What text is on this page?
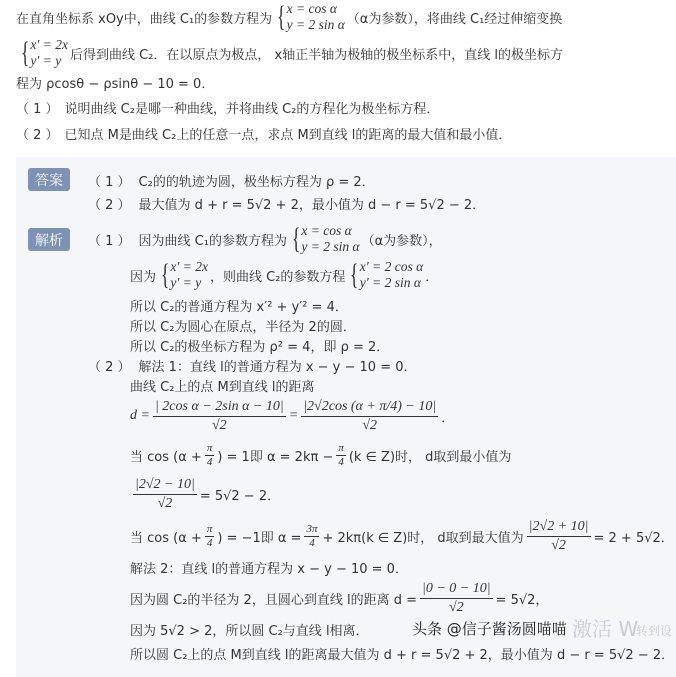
在直角坐标系 xOy中，曲线 C₁的参数方程为 { x = cos α
y = 2 sin α （α为参数），将曲线 C₁经过伸缩变换
{ x′ = 2x
y′ = y 后得到曲线 C₂．在以原点为极点， x轴正半轴为极轴的极坐标系中，直线 l的极坐标方
程为 ρcosθ − ρsinθ − 10 = 0．
（ 1 ） 说明曲线 C₂是哪一种曲线，并将曲线 C₂的方程化为极坐标方程．
（ 2 ） 已知点 M是曲线 C₂上的任意一点，求点 M到直线 l的距离的最大值和最小值．
答案	（ 1 ） C₂的的轨迹为圆，极坐标方程为 ρ = 2．
（ 2 ） 最大值为 d + r = 5√2 + 2，最小值为 d − r = 5√2 − 2．
解析	（ 1 ） 因为曲线 C₁的参数方程为 { x = cos α
y = 2 sin α （α为参数），
因为 { x′ = 2x
y′ = y ，则曲线 C₂的参数方程 { x′ = 2 cos α
y′ = 2 sin α ．
所以 C₂的普通方程为 x′² + y′² = 4．
所以 C₂为圆心在原点，半径为 2的圆．
所以 C₂的极坐标方程为 ρ² = 4，即 ρ = 2．
（ 2 ） 解法 1：直线 l的普通方程为 x − y − 10 = 0．
曲线 C₂上的点 M到直线 l的距离
$d = \frac{\text{| 2cos α − 2sin α − 10|}}{√2} = \frac{|2√2\cos (\alpha + \pi/4) - 10|}{√2}$ ．
当 $\cos (\alpha + \frac{\pi}{4}$ ) = 1即 $\alpha = 2k\pi - \frac{\pi}{4} (k$ ∈ Z)时， d取到最小值为
$\frac{|2√2 - 10|}{√2} = 5√2 - 2$．
当 $\cos (\alpha + \frac{\pi}{4}$ ) = −1即 $\alpha = \frac{3\pi}{4} + 2k\pi(k$ ∈ Z)时， d取到最大值为 $\frac{|2√2 + 10|}{√2} = 2 + 5√2$．
解法 2：直线 l的普通方程为 x − y − 10 = 0．
因为圆 C₂的半径为 2，且圆心到直线 l的距离 $d = \frac{|0 - 0 - 10|}{√2} = 5√2$，
因为 5√2 > 2，所以圆 C₂与直线 l相离．
所以圆 C₂上的点 M到直线 l的距离最大值为 d + r = 5√2 + 2，最小值为 d − r = 5√2 − 2．
头条 @信子酱汤圆喵喵 激活 W
转到设
